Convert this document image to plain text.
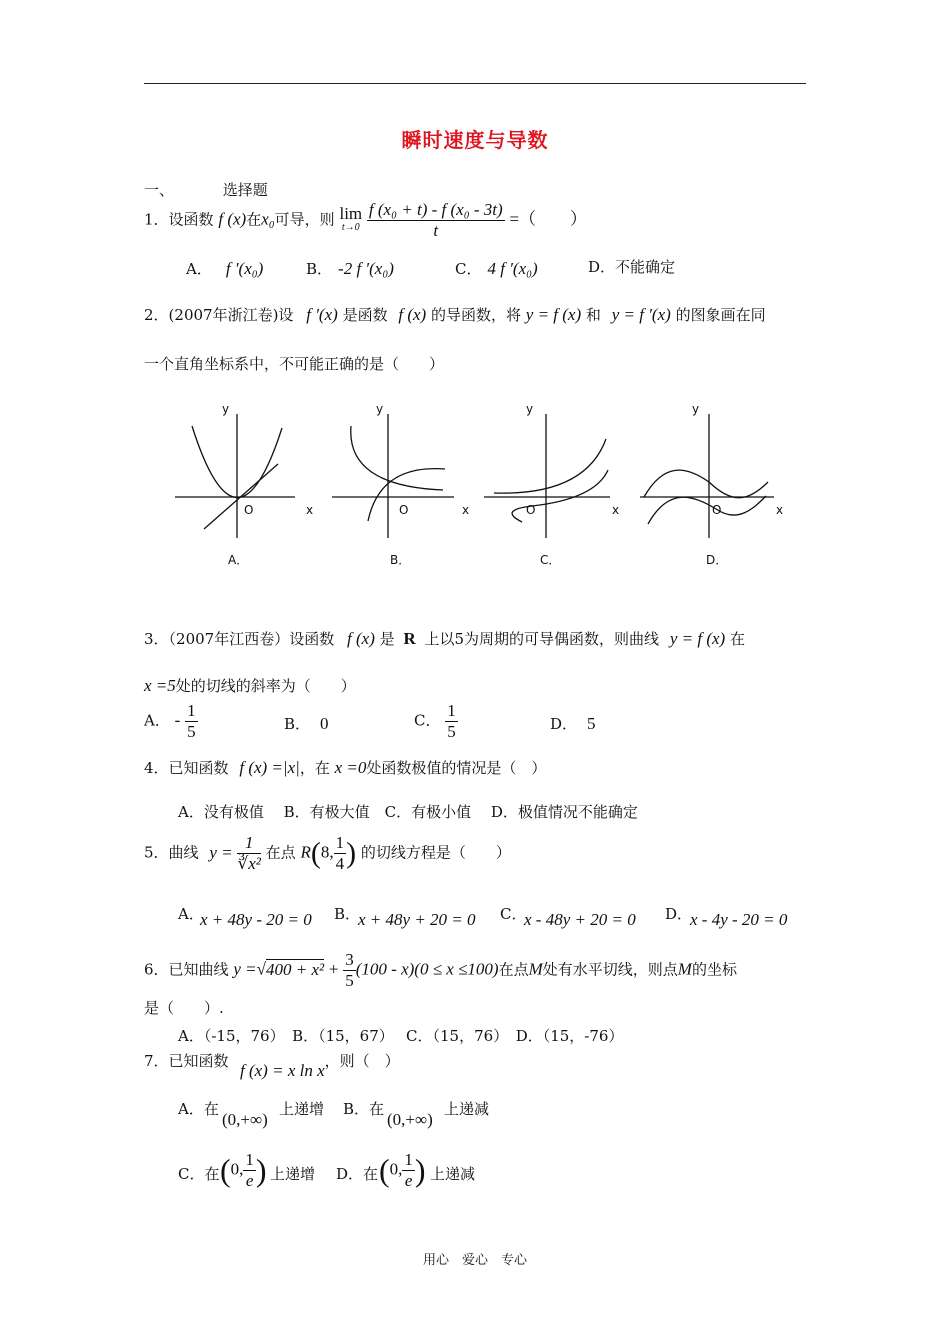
瞬时速度与导数
一、	选择题
1．设函数 f (x)在x₀可导，则 lim
t→0
$\frac{\text{f (x₀ + t) - f (x₀ - 3t)}}{t}$ =（　　）
A． f ′(x₀)	B． -2 f ′(x₀)	C． 4 f ′(x₀)	D．不能确定
2．(2007年浙江卷)设 f ′(x) 是函数 f (x) 的导函数，将 y = f (x) 和 y = f ′(x) 的图象画在同
一个直角坐标系中，不可能正确的是（　　）
y
x
O
y
x
O
y
x
O
y
x
O
A．	B．	C．	D．
3．（2007年江西卷）设函数 f (x) 是 R 上以5为周期的可导偶函数，则曲线 y = f (x) 在
x =5处的切线的斜率为（　　）
A． - $\frac{1}{5}$	B． 0	C． $\frac{1}{5}$	D． 5
4．已知函数 f (x) =|x|，在 x =0处函数极值的情况是（　）
A．没有极值　 B．有极大值　C．有极小值　 D．极值情况不能确定
5．曲线 $y = \frac{1}{\text{∛x²}}$ 在点 R(8, $\frac{1}{4}$ ) 的切线方程是（　　）
A．
x + 48y - 20 = 0 B．
x + 48y + 20 = 0 C．
x - 48y + 20 = 0 D．
x - 4y - 20 = 0
6．已知曲线 $y =√400 + x^2 + \frac{3}{5} (100 - x)(0 \le x \le 100)$在点M处有水平切线，则点M的坐标
是（　　）.
A．（-15，76）　B．（15，67）　 C．（15，76）　D．（15，-76）
7．已知函数 f (x) = x ln x，则（　）
A．在
(0,+∞)
上递增 B．在
(0,+∞)
上递减
C．在 (0, $\frac{1}{e}$ ) 上递增 D．在 (0, $\frac{1}{e}$ ) 上递减
用心　爱心　专心
